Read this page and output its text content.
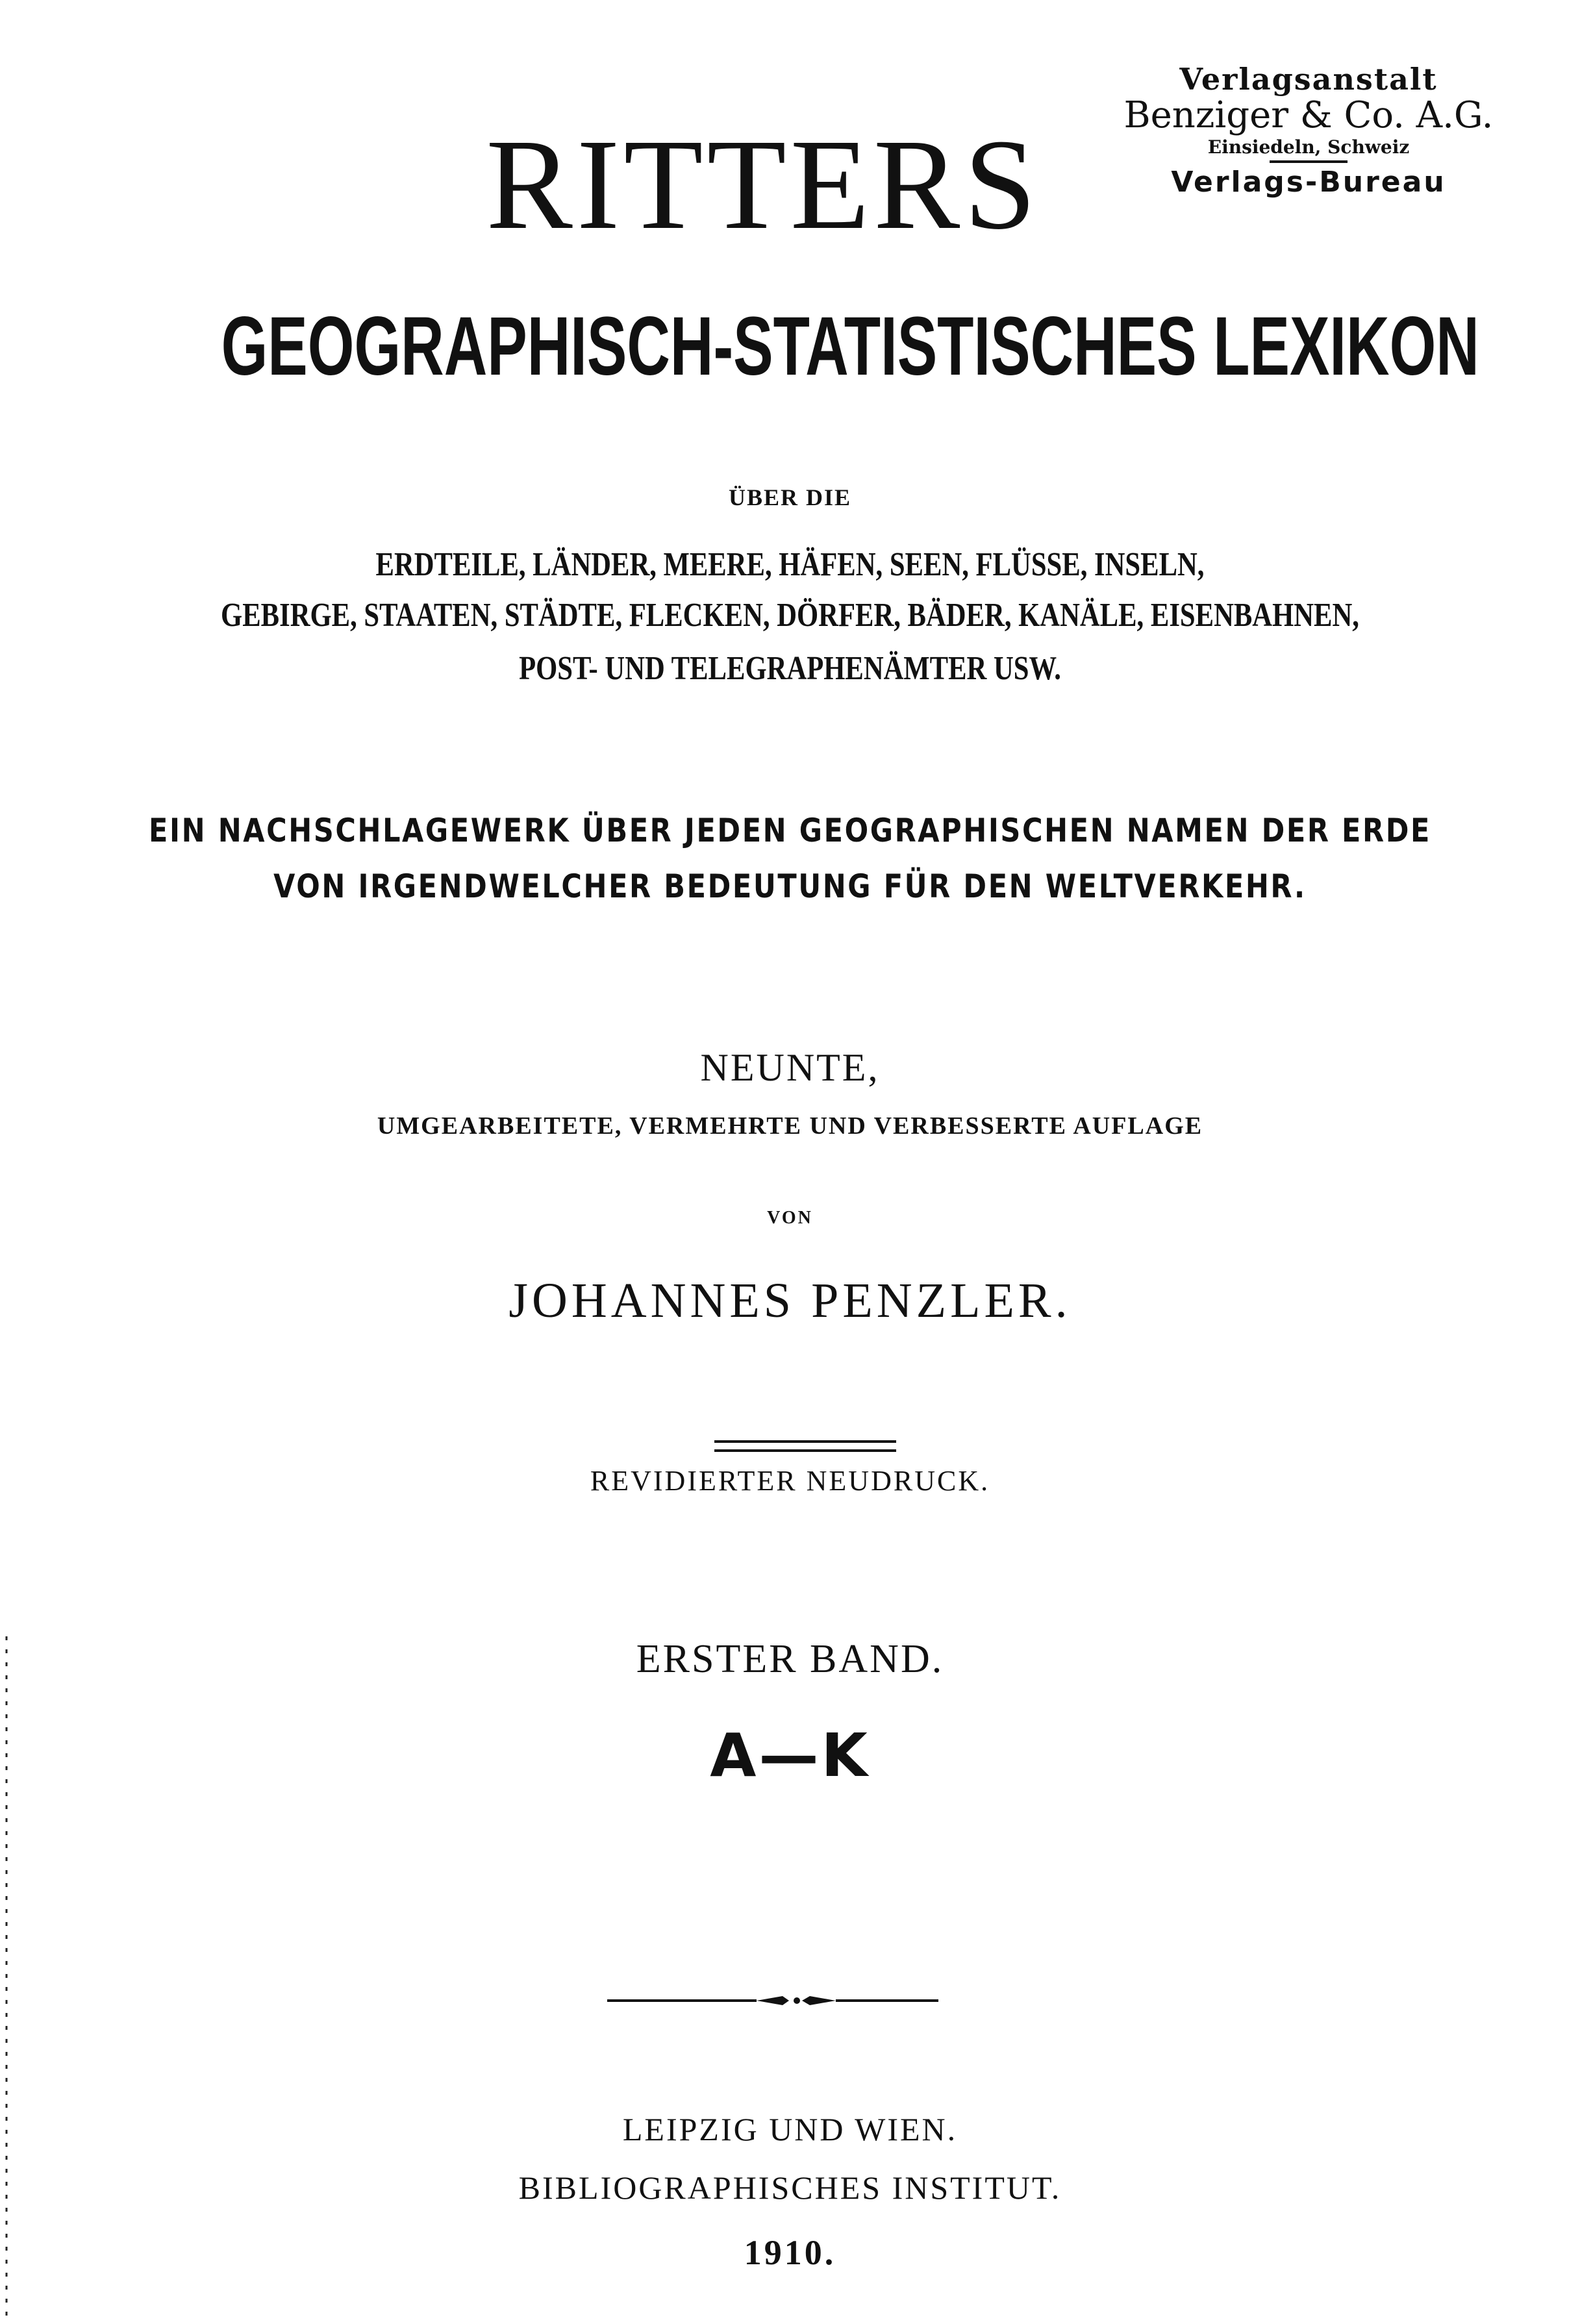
Verlagsanstalt
Benziger & Co. A.G.
Einsiedeln, Schweiz
Verlags-Bureau
RITTERS
GEOGRAPHISCH-STATISTISCHES LEXIKON
ÜBER DIE
ERDTEILE, LÄNDER, MEERE, HÄFEN, SEEN, FLÜSSE, INSELN,
GEBIRGE, STAATEN, STÄDTE, FLECKEN, DÖRFER, BÄDER, KANÄLE, EISENBAHNEN,
POST- UND TELEGRAPHENÄMTER USW.
EIN NACHSCHLAGEWERK ÜBER JEDEN GEOGRAPHISCHEN NAMEN DER ERDE
VON IRGENDWELCHER BEDEUTUNG FÜR DEN WELTVERKEHR.
NEUNTE,
UMGEARBEITETE, VERMEHRTE UND VERBESSERTE AUFLAGE
VON
JOHANNES PENZLER.
REVIDIERTER NEUDRUCK.
ERSTER BAND.
A—K
LEIPZIG UND WIEN.
BIBLIOGRAPHISCHES INSTITUT.
1910.
